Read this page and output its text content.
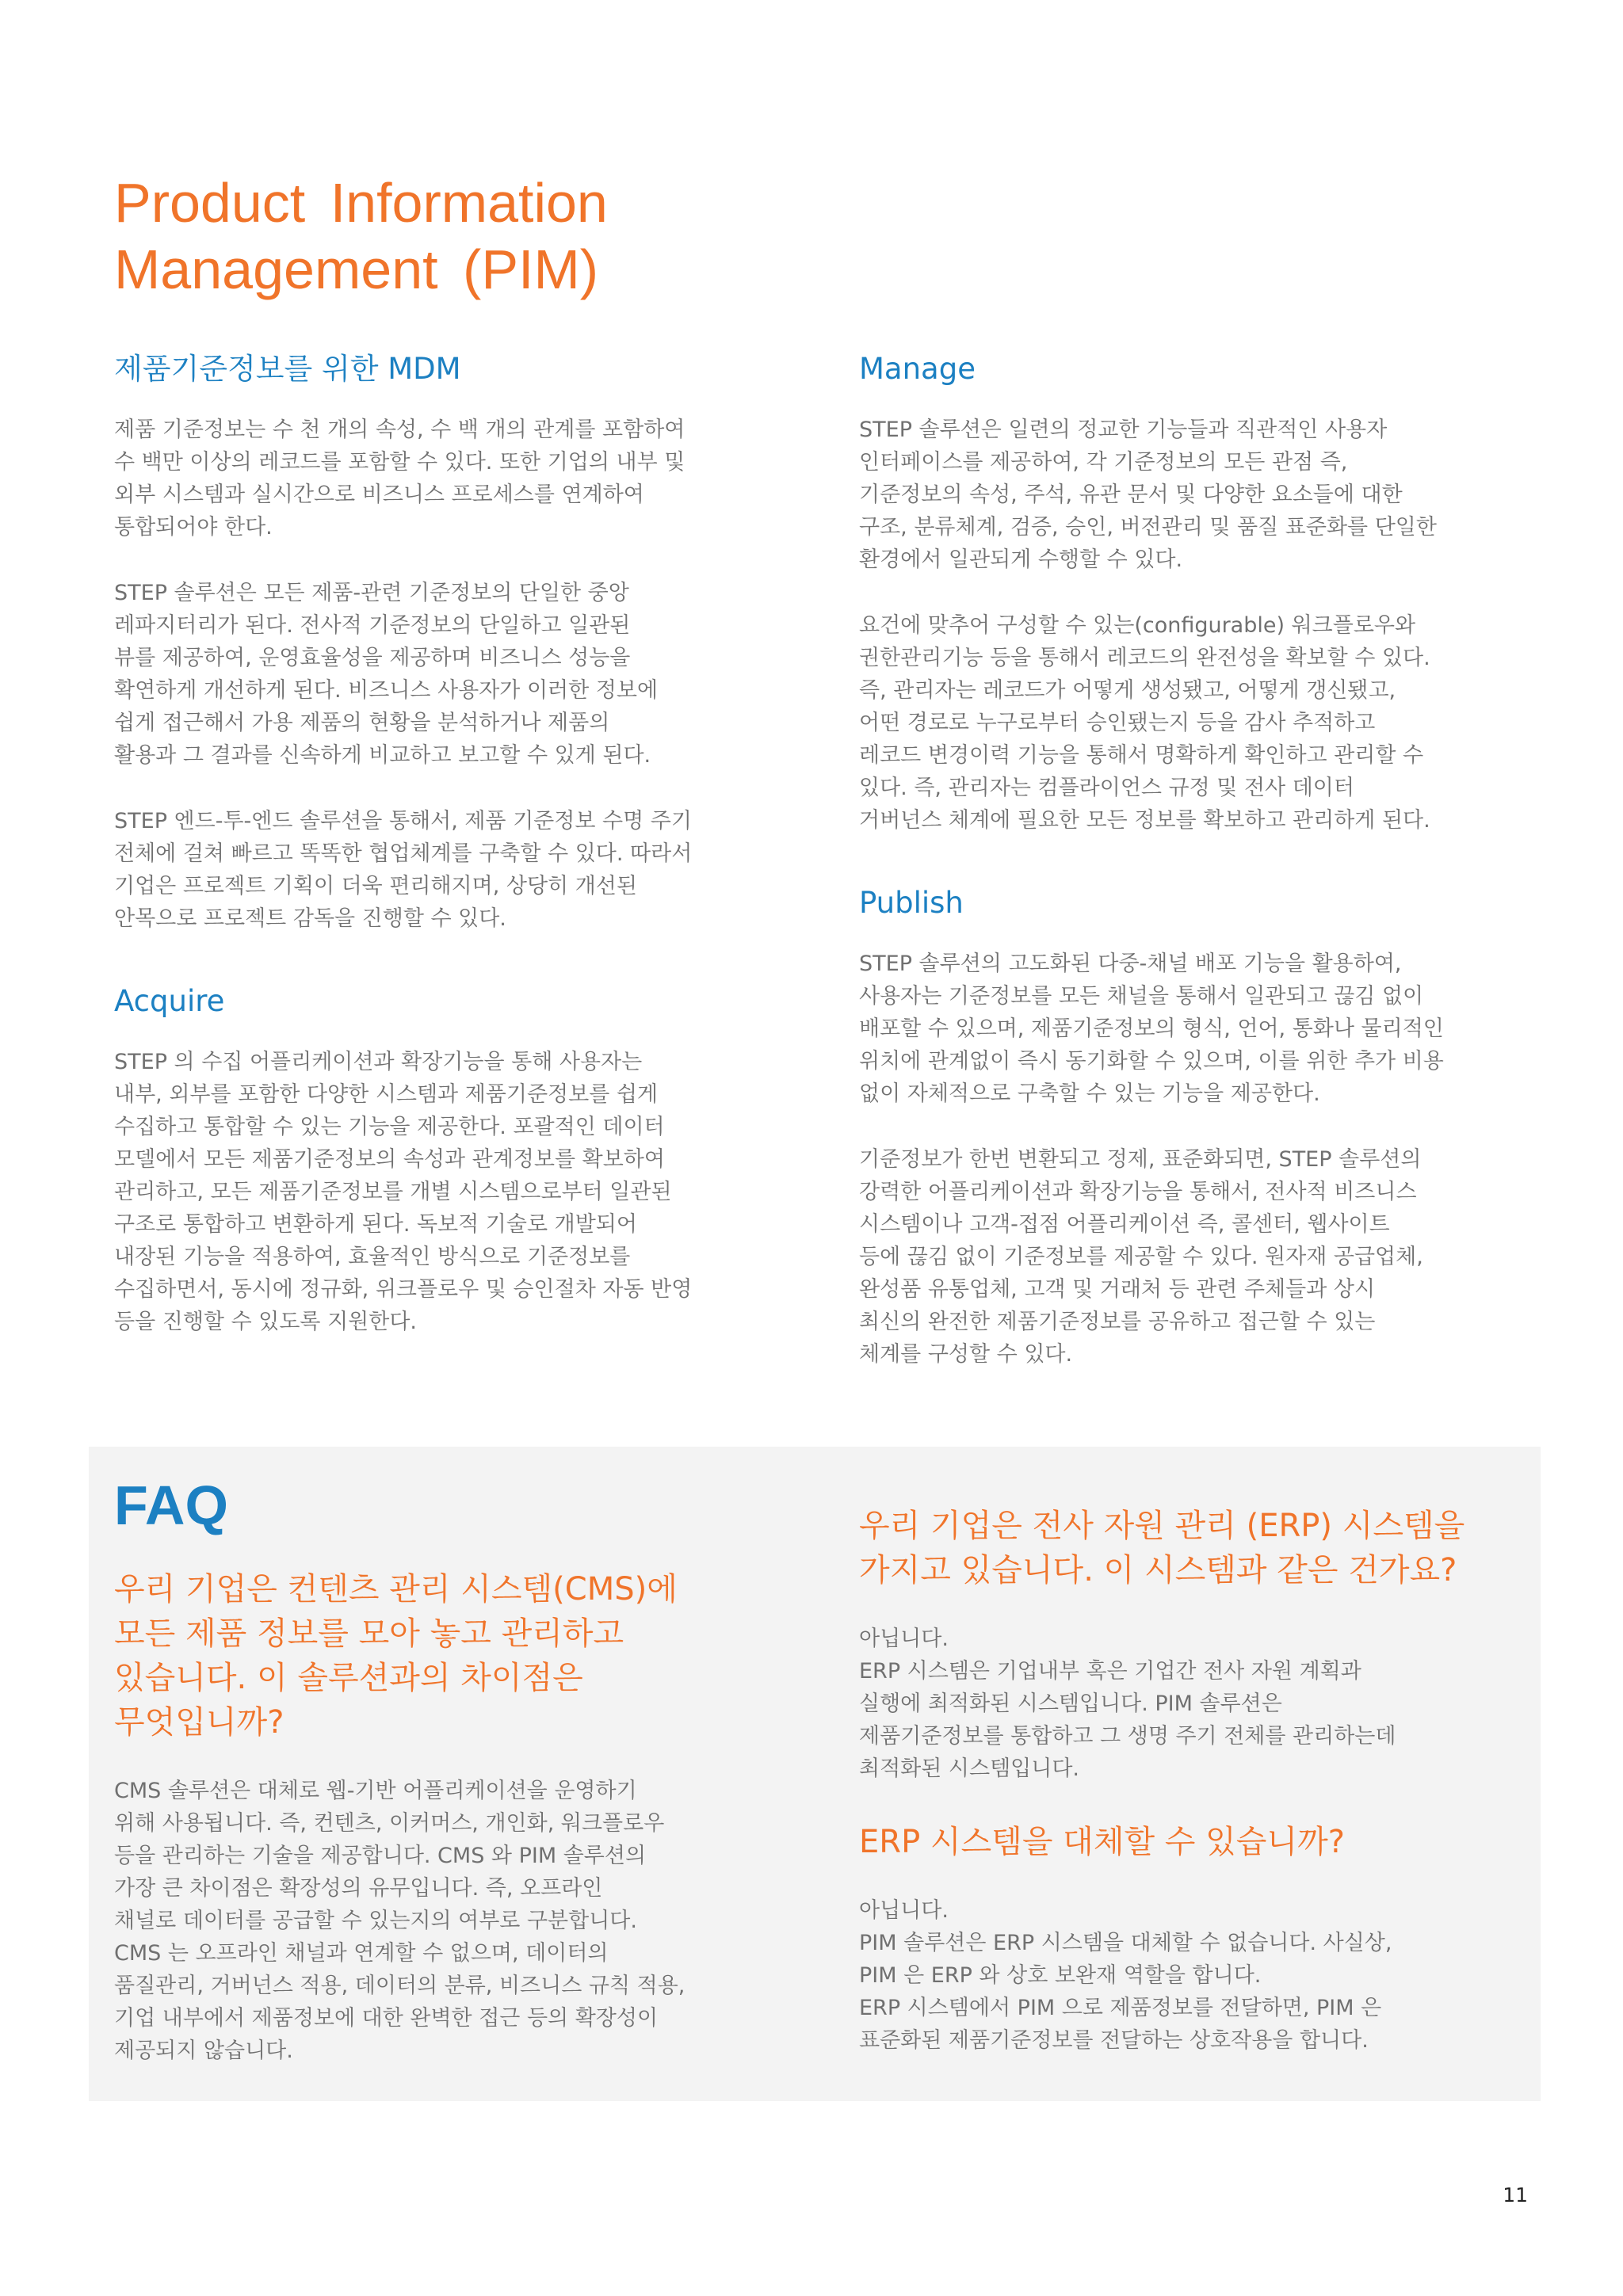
Product Information
Management (PIM)
제품기준정보를 위한 MDM

제품 기준정보는 수 천 개의 속성, 수 백 개의 관계를 포함하여
수 백만 이상의 레코드를 포함할 수 있다. 또한 기업의 내부 및
외부 시스템과 실시간으로 비즈니스 프로세스를 연계하여
통합되어야 한다.

STEP 솔루션은 모든 제품-관련 기준정보의 단일한 중앙
레파지터리가 된다. 전사적 기준정보의 단일하고 일관된
뷰를 제공하여, 운영효율성을 제공하며 비즈니스 성능을
확연하게 개선하게 된다. 비즈니스 사용자가 이러한 정보에
쉽게 접근해서 가용 제품의 현황을 분석하거나 제품의
활용과 그 결과를 신속하게 비교하고 보고할 수 있게 된다.

STEP 엔드-투-엔드 솔루션을 통해서, 제품 기준정보 수명 주기
전체에 걸쳐 빠르고 똑똑한 협업체계를 구축할 수 있다. 따라서
기업은 프로젝트 기획이 더욱 편리해지며, 상당히 개선된
안목으로 프로젝트 감독을 진행할 수 있다.

Acquire

STEP 의 수집 어플리케이션과 확장기능을 통해 사용자는
내부, 외부를 포함한 다양한 시스템과 제품기준정보를 쉽게
수집하고 통합할 수 있는 기능을 제공한다. 포괄적인 데이터
모델에서 모든 제품기준정보의 속성과 관계정보를 확보하여
관리하고, 모든 제품기준정보를 개별 시스템으로부터 일관된
구조로 통합하고 변환하게 된다. 독보적 기술로 개발되어
내장된 기능을 적용하여, 효율적인 방식으로 기준정보를
수집하면서, 동시에 정규화, 위크플로우 및 승인절차 자동 반영
등을 진행할 수 있도록 지원한다.

Manage

STEP 솔루션은 일련의 정교한 기능들과 직관적인 사용자
인터페이스를 제공하여, 각 기준정보의 모든 관점 즉,
기준정보의 속성, 주석, 유관 문서 및 다양한 요소들에 대한
구조, 분류체계, 검증, 승인, 버전관리 및 품질 표준화를 단일한
환경에서 일관되게 수행할 수 있다.

요건에 맞추어 구성할 수 있는(configurable) 워크플로우와
권한관리기능 등을 통해서 레코드의 완전성을 확보할 수 있다.
즉, 관리자는 레코드가 어떻게 생성됐고, 어떻게 갱신됐고,
어떤 경로로 누구로부터 승인됐는지 등을 감사 추적하고
레코드 변경이력 기능을 통해서 명확하게 확인하고 관리할 수
있다. 즉, 관리자는 컴플라이언스 규정 및 전사 데이터
거버넌스 체계에 필요한 모든 정보를 확보하고 관리하게 된다.

Publish

STEP 솔루션의 고도화된 다중-채널 배포 기능을 활용하여,
사용자는 기준정보를 모든 채널을 통해서 일관되고 끊김 없이
배포할 수 있으며, 제품기준정보의 형식, 언어, 통화나 물리적인
위치에 관계없이 즉시 동기화할 수 있으며, 이를 위한 추가 비용
없이 자체적으로 구축할 수 있는 기능을 제공한다.

기준정보가 한번 변환되고 정제, 표준화되면, STEP 솔루션의
강력한 어플리케이션과 확장기능을 통해서, 전사적 비즈니스
시스템이나 고객-접점 어플리케이션 즉, 콜센터, 웹사이트
등에 끊김 없이 기준정보를 제공할 수 있다. 원자재 공급업체,
완성품 유통업체, 고객 및 거래처 등 관련 주체들과 상시
최신의 완전한 제품기준정보를 공유하고 접근할 수 있는
체계를 구성할 수 있다.

FAQ
우리 기업은 컨텐츠 관리 시스템(CMS)에
모든 제품 정보를 모아 놓고 관리하고
있습니다. 이 솔루션과의 차이점은
무엇입니까?

CMS 솔루션은 대체로 웹-기반 어플리케이션을 운영하기
위해 사용됩니다. 즉, 컨텐츠, 이커머스, 개인화, 워크플로우
등을 관리하는 기술을 제공합니다. CMS 와 PIM 솔루션의
가장 큰 차이점은 확장성의 유무입니다. 즉, 오프라인
채널로 데이터를 공급할 수 있는지의 여부로 구분합니다.
CMS 는 오프라인 채널과 연계할 수 없으며, 데이터의
품질관리, 거버넌스 적용, 데이터의 분류, 비즈니스 규칙 적용,
기업 내부에서 제품정보에 대한 완벽한 접근 등의 확장성이
제공되지 않습니다.

우리 기업은 전사 자원 관리 (ERP) 시스템을
가지고 있습니다. 이 시스템과 같은 건가요?

아닙니다.
ERP 시스템은 기업내부 혹은 기업간 전사 자원 계획과
실행에 최적화된 시스템입니다. PIM 솔루션은
제품기준정보를 통합하고 그 생명 주기 전체를 관리하는데
최적화된 시스템입니다.

ERP 시스템을 대체할 수 있습니까?

아닙니다.
PIM 솔루션은 ERP 시스템을 대체할 수 없습니다. 사실상,
PIM 은 ERP 와 상호 보완재 역할을 합니다.
ERP 시스템에서 PIM 으로 제품정보를 전달하면, PIM 은
표준화된 제품기준정보를 전달하는 상호작용을 합니다.

11
